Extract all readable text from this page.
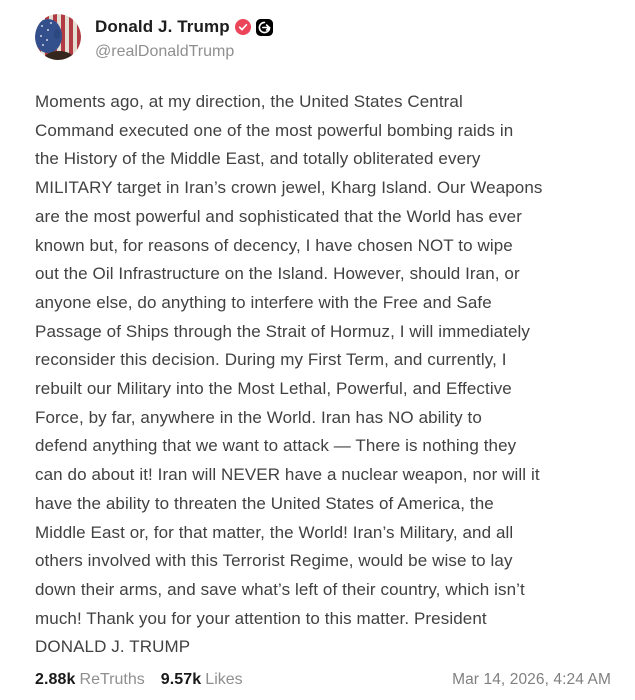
Donald J. Trump
@realDonaldTrump
Moments ago, at my direction, the United States Central
Command executed one of the most powerful bombing raids in
the History of the Middle East, and totally obliterated every
MILITARY target in Iran’s crown jewel, Kharg Island. Our Weapons
are the most powerful and sophisticated that the World has ever
known but, for reasons of decency, I have chosen NOT to wipe
out the Oil Infrastructure on the Island. However, should Iran, or
anyone else, do anything to interfere with the Free and Safe
Passage of Ships through the Strait of Hormuz, I will immediately
reconsider this decision. During my First Term, and currently, I
rebuilt our Military into the Most Lethal, Powerful, and Effective
Force, by far, anywhere in the World. Iran has NO ability to
defend anything that we want to attack — There is nothing they
can do about it! Iran will NEVER have a nuclear weapon, nor will it
have the ability to threaten the United States of America, the
Middle East or, for that matter, the World! Iran’s Military, and all
others involved with this Terrorist Regime, would be wise to lay
down their arms, and save what’s left of their country, which isn’t
much! Thank you for your attention to this matter. President
DONALD J. TRUMP
2.88k ReTruths 9.57k Likes	Mar 14, 2026, 4:24 AM
